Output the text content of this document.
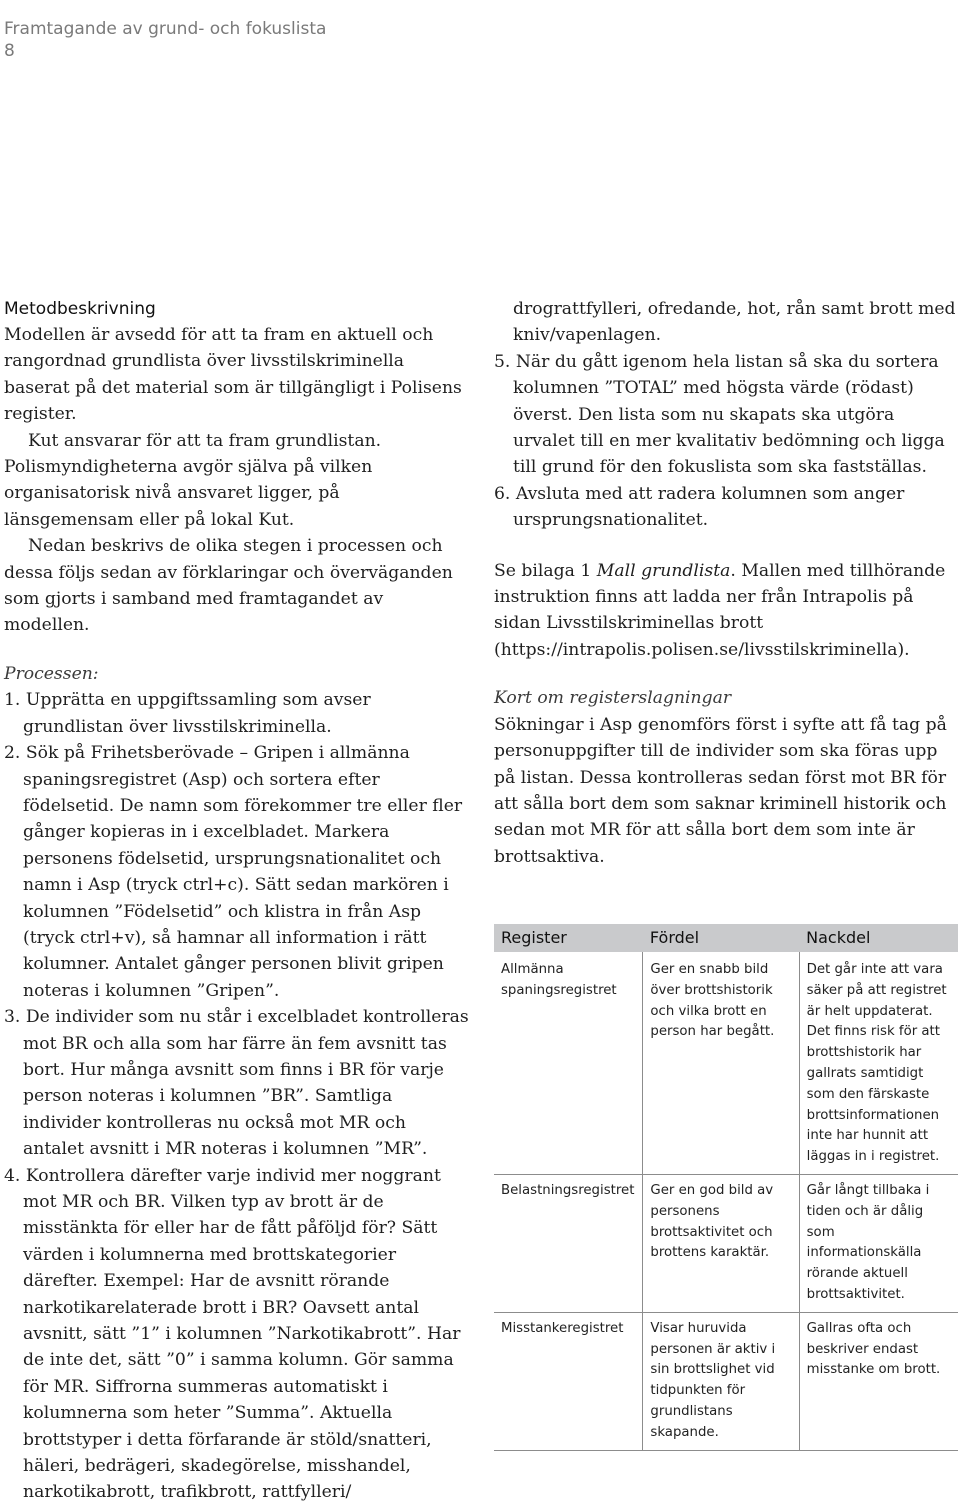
Framtagande av grund- och fokuslista
8

Metodbeskrivning

Modellen är avsedd för att ta fram en aktuell och rangordnad grundlista över livsstilskriminella baserat på det material som är tillgängligt i Polisens register.

Kut ansvarar för att ta fram grundlistan. Polismyndigheterna avgör själva på vilken organisatorisk nivå ansvaret ligger, på länsgemensam eller på lokal Kut.

Nedan beskrivs de olika stegen i processen och dessa följs sedan av förklaringar och överväganden som gjorts i samband med framtagandet av modellen.

Processen:

1. Upprätta en uppgiftssamling som avser grundlistan över livsstilskriminella.

2. Sök på Frihetsberövade – Gripen i allmänna spaningsregistret (Asp) och sortera efter födelsetid. De namn som förekommer tre eller fler gånger kopieras in i excelbladet. Markera personens födelsetid, ursprungsnationalitet och namn i Asp (tryck ctrl+c). Sätt sedan markören i kolumnen ”Födelsetid” och klistra in från Asp (tryck ctrl+v), så hamnar all information i rätt kolumner. Antalet gånger personen blivit gripen noteras i kolumnen ”Gripen”.

3. De individer som nu står i excelbladet kontrolleras mot BR och alla som har färre än fem avsnitt tas bort. Hur många avsnitt som finns i BR för varje person noteras i kolumnen ”BR”. Samtliga individer kontrolleras nu också mot MR och antalet avsnitt i MR noteras i kolumnen ”MR”.

4. Kontrollera därefter varje individ mer noggrant mot MR och BR. Vilken typ av brott är de misstänkta för eller har de fått påföljd för? Sätt värden i kolumnerna med brottskategorier därefter. Exempel: Har de avsnitt rörande narkotikarelaterade brott i BR? Oavsett antal avsnitt, sätt ”1” i kolumnen ”Narkotikabrott”. Har de inte det, sätt ”0” i samma kolumn. Gör samma för MR. Siffrorna summeras automatiskt i kolumnerna som heter ”Summa”. Aktuella brottstyper i detta förfarande är stöld/snatteri, häleri, bedrägeri, skadegörelse, misshandel, narkotikabrott, trafikbrott, rattfylleri/

drograttfylleri, ofredande, hot, rån samt brott med kniv/vapenlagen.

5. När du gått igenom hela listan så ska du sortera kolumnen ”TOTAL” med högsta värde (rödast) överst. Den lista som nu skapats ska utgöra urvalet till en mer kvalitativ bedömning och ligga till grund för den fokuslista som ska fastställas.

6. Avsluta med att radera kolumnen som anger ursprungsnationalitet.

Se bilaga 1 Mall grundlista. Mallen med tillhörande instruktion finns att ladda ner från Intrapolis på sidan Livsstilskriminellas brott (https://intrapolis.polisen.se/livsstilskriminella).

Kort om registerslagningar

Sökningar i Asp genomförs först i syfte att få tag på personuppgifter till de individer som ska föras upp på listan. Dessa kontrolleras sedan först mot BR för att sålla bort dem som saknar kriminell historik och sedan mot MR för att sålla bort dem som inte är brottsaktiva.

Register	Fördel	Nackdel
Allmänna spaningsregistret	Ger en snabb bild över brottshistorik och vilka brott en person har begått.	Det går inte att vara säker på att registret är helt uppdaterat. Det finns risk för att brottshistorik har gallrats samtidigt som den färskaste brottsinformationen inte har hunnit att läggas in i registret.
Belastningsregistret	Ger en god bild av personens brottsaktivitet och brottens karaktär.	Går långt tillbaka i tiden och är dålig som informationskälla rörande aktuell brottsaktivitet.
Misstankeregistret	Visar huruvida personen är aktiv i sin brottslighet vid tidpunkten för grundlistans skapande.	Gallras ofta och beskriver endast misstanke om brott.
